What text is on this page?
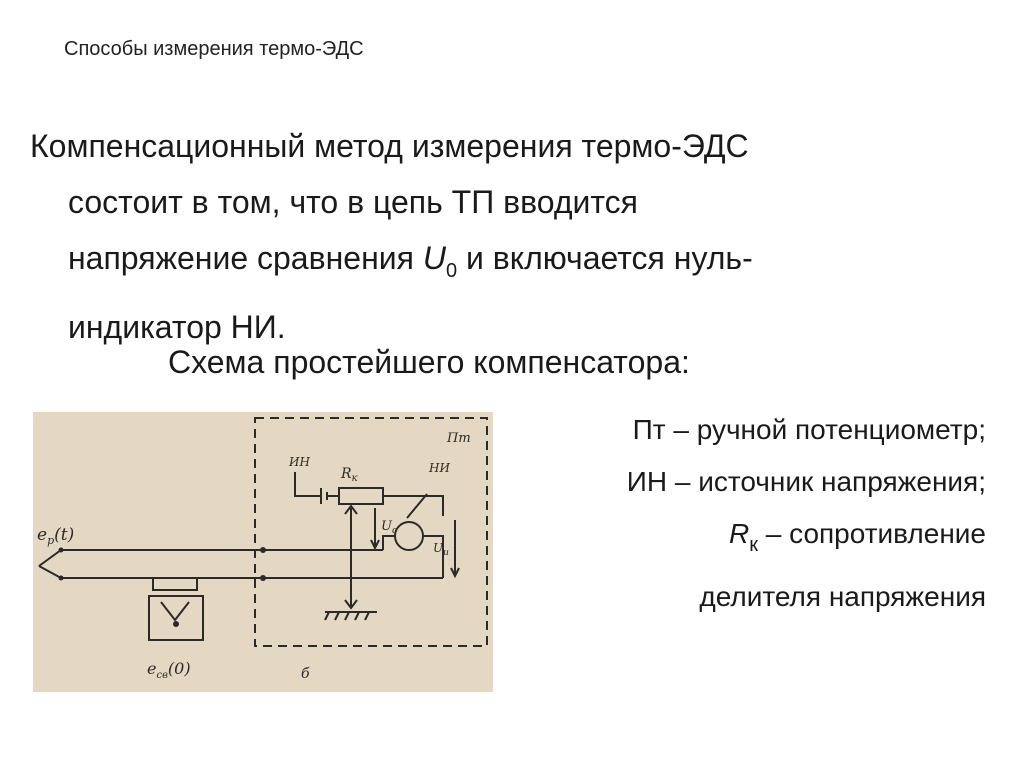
Способы измерения термо-ЭДС
Компенсационный метод измерения термо-ЭДС
состоит в том, что в цепь ТП вводится
напряжение сравнения $U_0$ и включается нуль-
индикатор НИ.
Схема простейшего компенсатора:
$e_p(t)$
$e_{св}(0)$
Пт
ИН
$R_к$
НИ
$U_c$
$U_и$
б
Пт – ручной потенциометр;
ИН – источник напряжения;
$R_к$ – сопротивление
делителя напряжения
